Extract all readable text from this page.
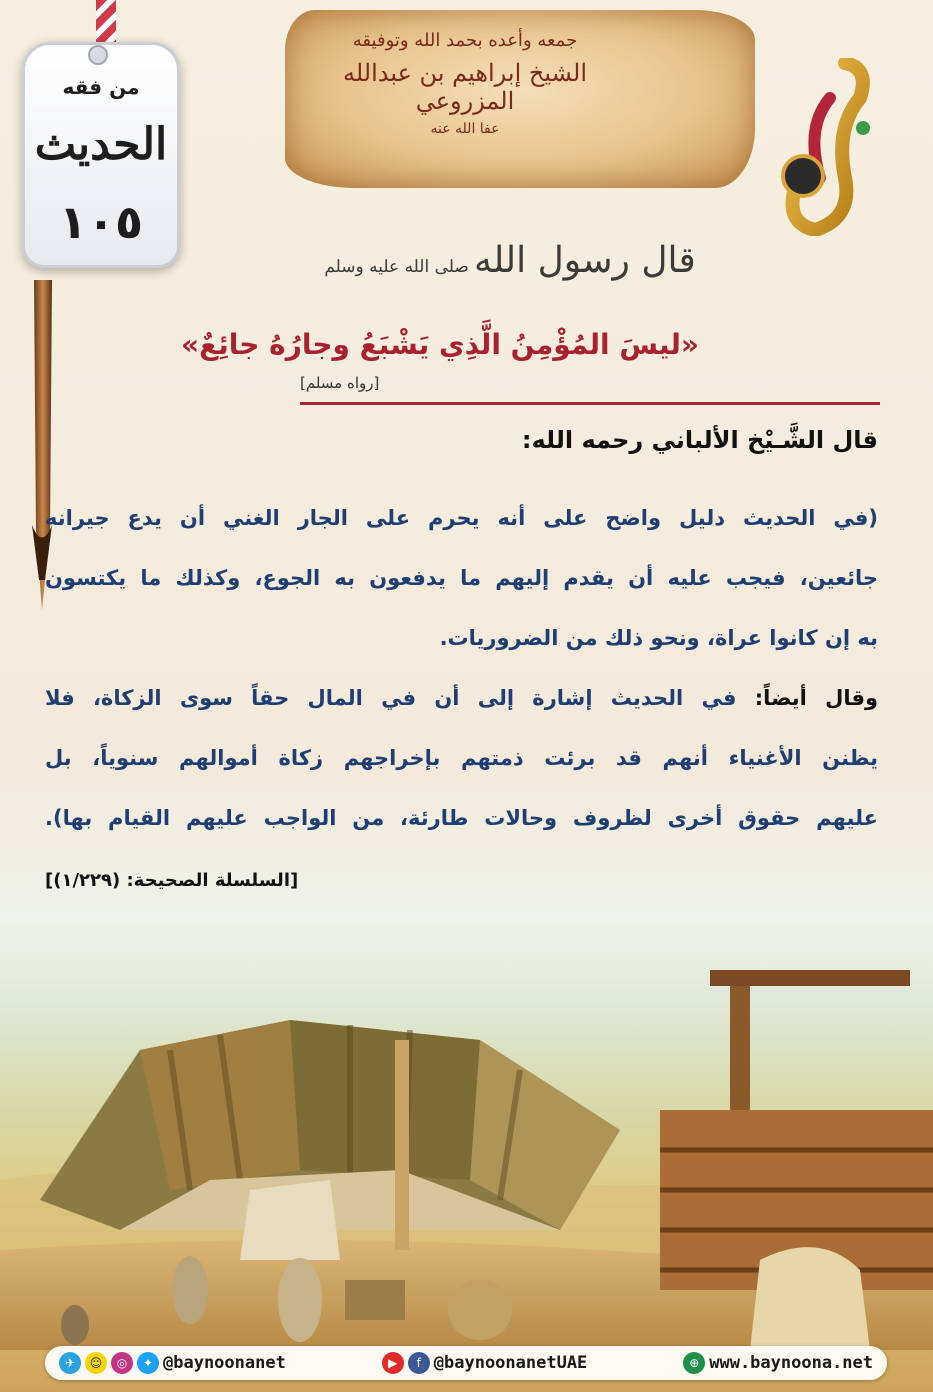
جمعه وأعده بحمد الله وتوفيقه
الشيخ إبراهيم بن عبدالله المزروعي
عفا الله عنه
من فقه
الحديث
١٠٥
قال رسول الله صلى الله عليه وسلم
«ليسَ المُؤْمِنُ الَّذِي يَشْبَعُ وجارُهُ جائِعٌ»
[رواه مسلم]
قال الشَّـيْخ الألباني رحمه الله:
(في الحديث دليل واضح على أنه يحرم على الجار الغني أن يدع جيرانه
جائعين، فيجب عليه أن يقدم إليهم ما يدفعون به الجوع، وكذلك ما يكتسون
به إن كانوا عراة، ونحو ذلك من الضروريات.
وقال أيضاً: في الحديث إشارة إلى أن في المال حقاً سوى الزكاة، فلا
يظنن الأغنياء أنهم قد برئت ذمتهم بإخراجهم زكاة أموالهم سنوياً، بل
عليهم حقوق أخرى لظروف وحالات طارئة، من الواجب عليهم القيام بها).
[السلسلة الصحيحة: (١/٢٢٩)]
✈	☺	◎	✦ @baynoonanet	▶	f @baynoonanetUAE	⊕ www.baynoona.net
